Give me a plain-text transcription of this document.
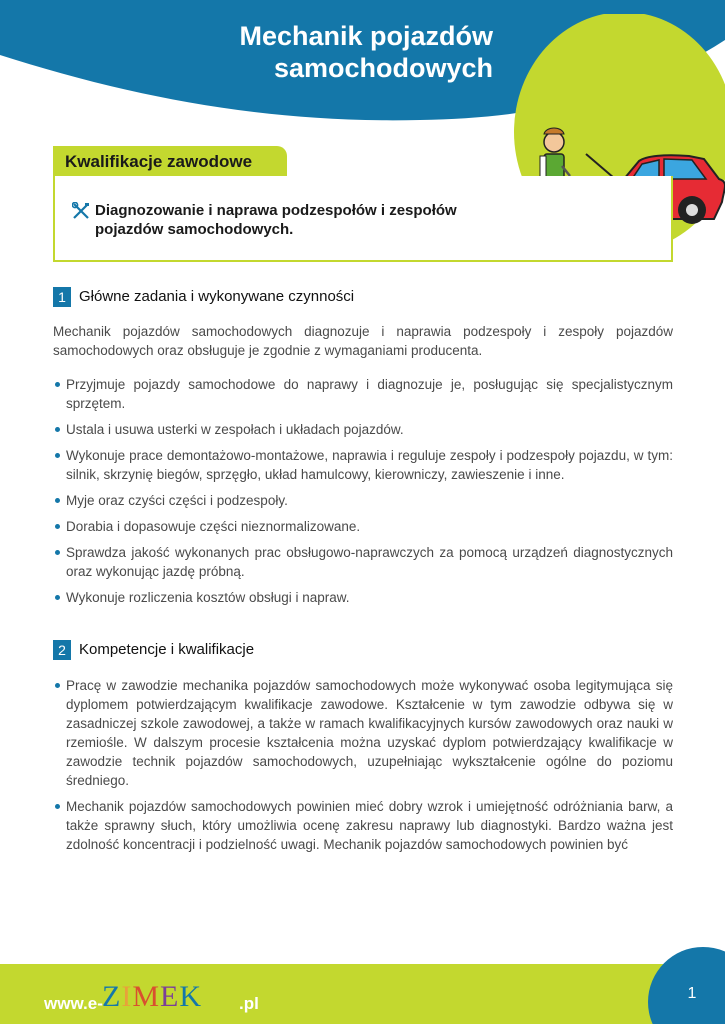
Mechanik pojazdów
samochodowych
Kwalifikacje zawodowe
Diagnozowanie i naprawa podzespołów i zespołów pojazdów samochodowych.
1 Główne zadania i wykonywane czynności
Mechanik pojazdów samochodowych diagnozuje i naprawia podzespoły i zespoły pojazdów samochodowych oraz obsługuje je zgodnie z wymaganiami producenta.
Przyjmuje pojazdy samochodowe do naprawy i diagnozuje je, posługując się specjalistycznym sprzętem.
Ustala i usuwa usterki w zespołach i układach pojazdów.
Wykonuje prace demontażowo-montażowe, naprawia i reguluje zespoły i podzespoły pojazdu, w tym: silnik, skrzynię biegów, sprzęgło, układ hamulcowy, kierowniczy, zawieszenie i inne.
Myje oraz czyści części i podzespoły.
Dorabia i dopasowuje części nieznormalizowane.
Sprawdza jakość wykonanych prac obsługowo-naprawczych za pomocą urządzeń diagnostycznych oraz wykonując jazdę próbną.
Wykonuje rozliczenia kosztów obsługi i napraw.
2 Kompetencje i kwalifikacje
Pracę w zawodzie mechanika pojazdów samochodowych może wykonywać osoba legitymująca się dyplomem potwierdzającym kwalifikacje zawodowe. Kształcenie w tym zawodzie odbywa się w zasadniczej szkole zawodowej, a także w ramach kwalifikacyjnych kursów zawodowych oraz nauki w rzemiośle. W dalszym procesie kształcenia można uzyskać dyplom potwierdzający kwalifikacje w zawodzie technik pojazdów samochodowych, uzupełniając wykształcenie ogólne do poziomu średniego.
Mechanik pojazdów samochodowych powinien mieć dobry wzrok i umiejętność odróżniania barw, a także sprawny słuch, który umożliwia ocenę zakresu naprawy lub diagnostyki. Bardzo ważna jest zdolność koncentracji i podzielność uwagi. Mechanik pojazdów samochodowych powinien być
1
www.e- ZIMEK .pl
